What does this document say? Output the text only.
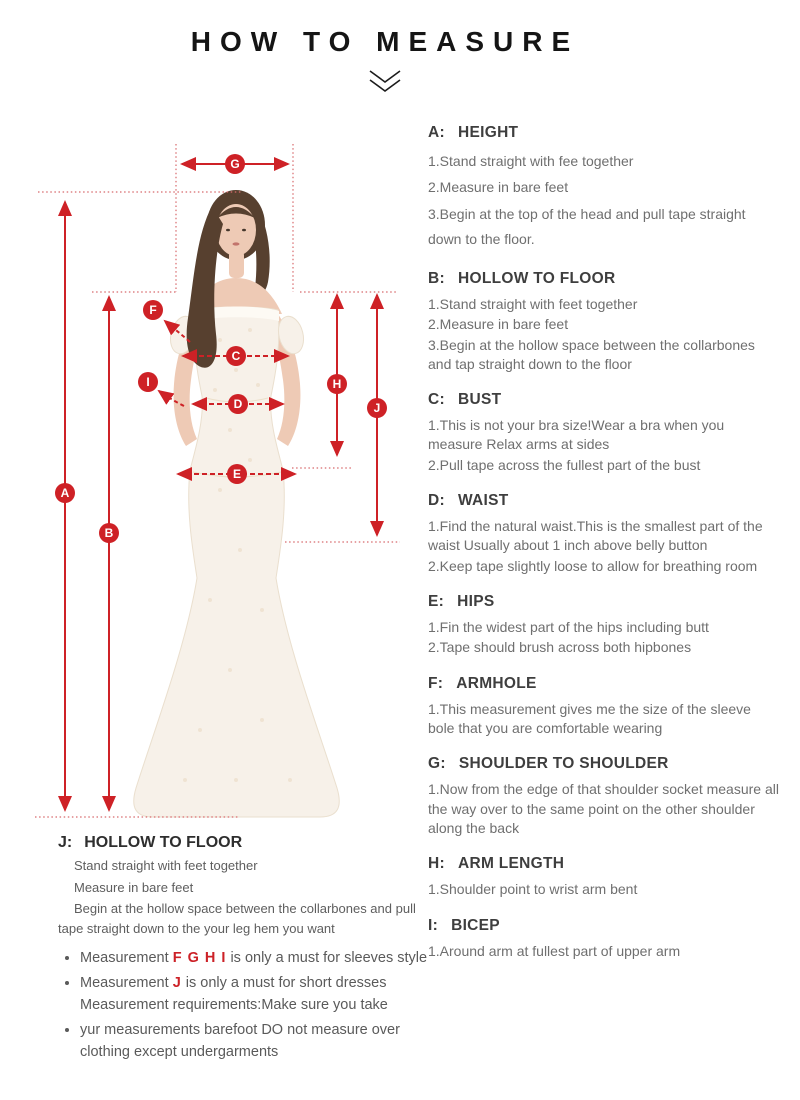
HOW TO MEASURE
G
A
B
H
J
C
D
E
F
I
A: HEIGHT

1.Stand straight with fee together

2.Measure in bare feet

3.Begin at the top of the head and pull tape straight down to the floor.

B: HOLLOW TO FLOOR

1.Stand straight with feet together

2.Measure in bare feet

3.Begin at the hollow space between the collarbones and tap straight down to the floor

C: BUST

1.This is not your bra size!Wear a bra when you measure Relax arms at sides

2.Pull tape across the fullest part of the bust

D: WAIST

1.Find the natural waist.This is the smallest part of the waist Usually about 1 inch above belly button

2.Keep tape slightly loose to allow for breathing room

E: HIPS

1.Fin the widest part of the hips including butt

2.Tape should brush across both hipbones

F: ARMHOLE

1.This measurement gives me the size of the sleeve bole that you are comfortable wearing

G: SHOULDER TO SHOULDER

1.Now from the edge of that shoulder socket measure all the way over to the same point on the other shoulder along the back

H: ARM LENGTH

1.Shoulder point to wrist arm bent

I: BICEP

1.Around arm at fullest part of upper arm

J: HOLLOW TO FLOOR

Stand straight with feet together

Measure in bare feet

Begin at the hollow space between the collarbones and pull tape straight down to the your leg hem you want

• Measurement F G H I is only a must for sleeves style
• Measurement J is only a must for short dresses Measurement requirements:Make sure you take
• yur measurements barefoot DO not measure over clothing except undergarments
